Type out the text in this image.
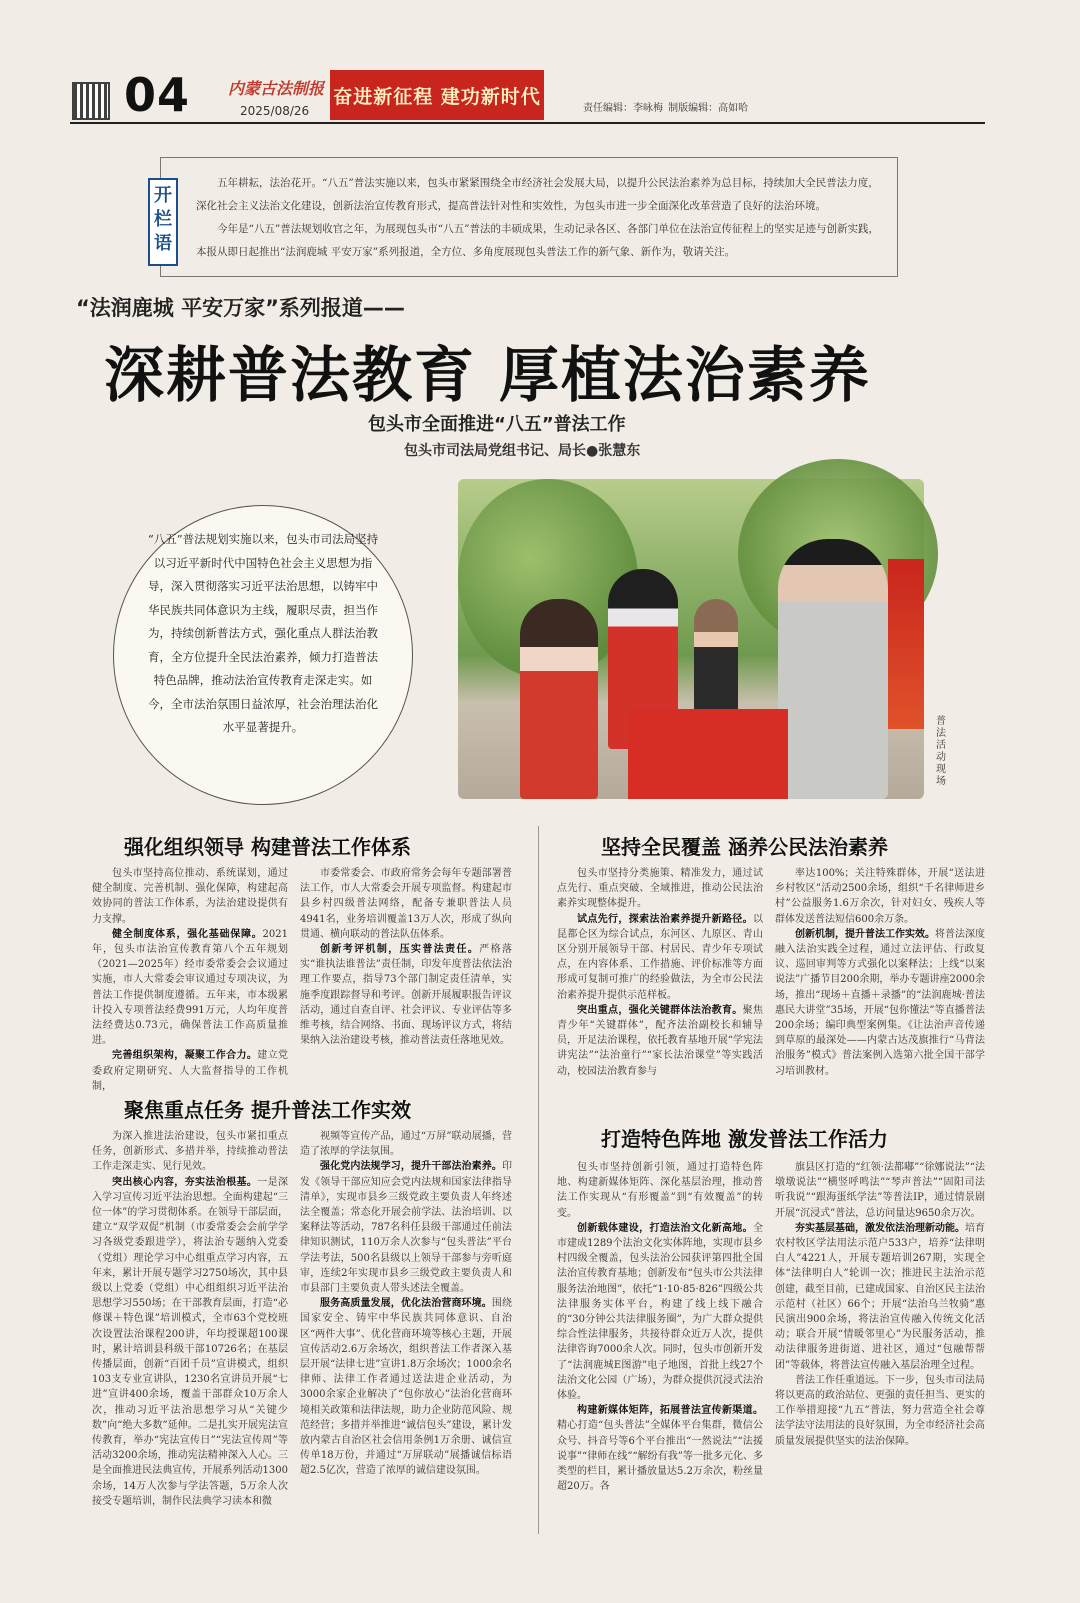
04 内蒙古法制报
2025/08/26
奋进新征程 建功新时代
责任编辑：李咏梅 制版编辑：高如哈
开栏语

五年耕耘，法治花开。“八五”普法实施以来，包头市紧紧围绕全市经济社会发展大局，以提升公民法治素养为总目标，持续加大全民普法力度，深化社会主义法治文化建设，创新法治宣传教育形式，提高普法针对性和实效性，为包头市进一步全面深化改革营造了良好的法治环境。

今年是“八五”普法规划收官之年，为展现包头市“八五”普法的丰硕成果，生动记录各区、各部门单位在法治宣传征程上的坚实足迹与创新实践，本报从即日起推出“法润鹿城 平安万家”系列报道，全方位、多角度展现包头普法工作的新气象、新作为，敬请关注。

“法润鹿城 平安万家”系列报道——
深耕普法教育 厚植法治素养
包头市全面推进“八五”普法工作
包头市司法局党组书记、局长●张慧东
“八五”普法规划实施以来，包头市司法局坚持以习近平新时代中国特色社会主义思想为指导，深入贯彻落实习近平法治思想，以铸牢中华民族共同体意识为主线，履职尽责，担当作为，持续创新普法方式，强化重点人群法治教育，全方位提升全民法治素养，倾力打造普法特色品牌，推动法治宣传教育走深走实。如今，全市法治氛围日益浓厚，社会治理法治化水平显著提升。	普法活动现场
强化组织领导 构建普法工作体系

包头市坚持高位推动、系统谋划，通过健全制度、完善机制、强化保障，构建起高效协同的普法工作体系，为法治建设提供有力支撑。

健全制度体系，强化基础保障。2021年，包头市法治宣传教育第八个五年规划（2021—2025年）经市委常委会会议通过实施，市人大常委会审议通过专项决议，为普法工作提供制度遵循。五年来，市本级累计投入专项普法经费991万元，人均年度普法经费达0.73元，确保普法工作高质量推进。

完善组织架构，凝聚工作合力。建立党委政府定期研究、人大监督指导的工作机制，

市委常委会、市政府常务会每年专题部署普法工作，市人大常委会开展专项监督。构建起市县乡村四级普法网络，配备专兼职普法人员4941名，业务培训覆盖13万人次，形成了纵向贯通、横向联动的普法队伍体系。

创新考评机制，压实普法责任。严格落实“谁执法谁普法”责任制，印发年度普法依法治理工作要点，指导73个部门制定责任清单，实施季度跟踪督导和考评。创新开展履职报告评议活动，通过自查自评、社会评议、专业评估等多维考核，结合网络、书面、现场评议方式，将结果纳入法治建设考核，推动普法责任落地见效。

坚持全民覆盖 涵养公民法治素养

包头市坚持分类施策、精准发力，通过试点先行、重点突破、全域推进，推动公民法治素养实现整体提升。

试点先行，探索法治素养提升新路径。以昆都仑区为综合试点，东河区、九原区、青山区分别开展领导干部、村居民、青少年专项试点，在内容体系、工作措施、评价标准等方面形成可复制可推广的经验做法，为全市公民法治素养提升提供示范样板。

突出重点，强化关键群体法治教育。聚焦青少年“关键群体”，配齐法治副校长和辅导员，开足法治课程，依托教育基地开展“学宪法讲宪法”“法治童行”“家长法治课堂”等实践活动，校园法治教育参与

率达100%；关注特殊群体，开展“送法进乡村牧区”活动2500余场，组织“千名律师进乡村”公益服务1.6万余次，针对妇女、残疾人等群体发送普法短信600余万条。

创新机制，提升普法工作实效。将普法深度融入法治实践全过程，通过立法评估、行政复议、巡回审判等方式强化以案释法；上线“以案说法”广播节目200余期，举办专题讲座2000余场，推出“现场＋直播＋录播”的“法润鹿城·普法惠民大讲堂”35场，开展“包你懂法”等直播普法200余场；编印典型案例集。《让法治声音传递到草原的最深处——内蒙古达茂旗推行“马背法治服务”模式》普法案例入选第六批全国干部学习培训教材。

聚焦重点任务 提升普法工作实效

为深入推进法治建设，包头市紧扣重点任务，创新形式、多措并举，持续推动普法工作走深走实、见行见效。

突出核心内容，夯实法治根基。一是深入学习宣传习近平法治思想。全面构建起“三位一体”的学习贯彻体系。在领导干部层面，建立“双学双促”机制（市委常委会会前学学习各级党委跟进学），将法治专题纳入党委（党组）理论学习中心组重点学习内容，五年来，累计开展专题学习2750场次，其中县级以上党委（党组）中心组组织习近平法治思想学习550场；在干部教育层面，打造“必修课＋特色课”培训模式，全市63个党校班次设置法治课程200讲，年均授课超100课时，累计培训县科级干部10726名；在基层传播层面，创新“百团千员”宣讲模式，组织103支专业宣讲队，1230名宣讲员开展“七进”宣讲400余场，覆盖干部群众10万余人次，推动习近平法治思想学习从“关键少数”向“绝大多数”延伸。二是扎实开展宪法宣传教育，举办“宪法宣传日”“宪法宣传周”等活动3200余场，推动宪法精神深入人心。三是全面推进民法典宣传，开展系列活动1300余场，14万人次参与学法答题，5万余人次接受专题培训，制作民法典学习读本和微

视频等宣传产品，通过“万屏”联动展播，营造了浓厚的学法氛围。

强化党内法规学习，提升干部法治素养。印发《领导干部应知应会党内法规和国家法律指导清单》，实现市县乡三级党政主要负责人年终述法全覆盖；常态化开展会前学法、法治培训、以案释法等活动，787名科任县级干部通过任前法律知识测试，110万余人次参与“包头普法”平台学法考法，500名县级以上领导干部参与旁听庭审，连续2年实现市县乡三级党政主要负责人和市县部门主要负责人带头述法全覆盖。

服务高质量发展，优化法治营商环境。围绕国家安全、铸牢中华民族共同体意识、自治区“两件大事”、优化营商环境等核心主题，开展宣传活动2.6万余场次，组织普法工作者深入基层开展“法律七进”宣讲1.8万余场次；1000余名律师、法律工作者通过送法进企业活动，为3000余家企业解决了“包你放心”法治化营商环境相关政策和法律法规，助力企业防范风险、规范经营；多措并举推进“诚信包头”建设，累计发放内蒙古自治区社会信用条例1万余册、诚信宣传单18万份，并通过“万屏联动”展播诚信标语超2.5亿次，营造了浓厚的诚信建设氛围。

打造特色阵地 激发普法工作活力

包头市坚持创新引领，通过打造特色阵地、构建新媒体矩阵、深化基层治理，推动普法工作实现从“有形覆盖”到“有效覆盖”的转变。

创新载体建设，打造法治文化新高地。全市建成1289个法治文化实体阵地，实现市县乡村四级全覆盖，包头法治公园获评第四批全国法治宣传教育基地；创新发布“包头市公共法律服务法治地图”，依托“1·10·85·826”四级公共法律服务实体平台，构建了线上线下融合的“30分钟公共法律服务圈”，为广大群众提供综合性法律服务，共接待群众近万人次，提供法律咨询7000余人次。同时，包头市创新开发了“法润鹿城E图游”电子地图，首批上线27个法治文化公园（广场），为群众提供沉浸式法治体验。

构建新媒体矩阵，拓展普法宣传新渠道。精心打造“包头普法”全媒体平台集群，微信公众号、抖音号等6个平台推出“一然说法”“法援说事”“律师在线”“解纷有我”等一批多元化、多类型的栏目，累计播放量达5.2万余次，粉丝量超20万。各

旗县区打造的“红领·法都嘟”“徐娜说法”“法墩墩说法”“横竖呼鸣法”“琴声普法”“固阳司法听我说”“跟海蛋纸学法”等普法IP，通过情景剧开展“沉浸式”普法，总访问量达9650余万次。

夯实基层基础，激发依法治理新动能。培育农村牧区学法用法示范户533户，培养“法律明白人”4221人，开展专题培训267期，实现全体“法律明白人”轮训一次；推进民主法治示范创建，截至目前，已建成国家、自治区民主法治示范村（社区）66个；开展“法治乌兰牧骑”惠民演出900余场，将法治宣传融入传统文化活动；联合开展“情暖邻里心”为民服务活动，推动法律服务进街道、进社区，通过“包融帮帮团”等载体，将普法宣传融入基层治理全过程。

普法工作任重道远。下一步，包头市司法局将以更高的政治站位、更强的责任担当、更实的工作举措迎接“九五”普法，努力营造全社会尊法学法守法用法的良好氛围，为全市经济社会高质量发展提供坚实的法治保障。
